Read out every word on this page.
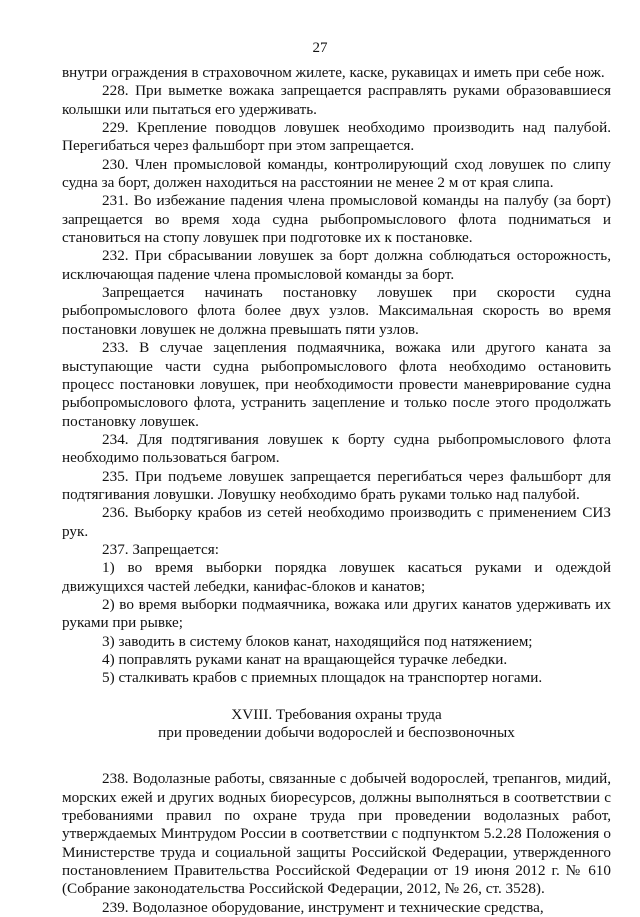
27

внутри ограждения в страховочном жилете, каске, рукавицах и иметь при себе нож.

228. При выметке вожака запрещается расправлять руками образовавшиеся колышки или пытаться его удерживать.

229. Крепление поводцов ловушек необходимо производить над палубой. Перегибаться через фальшборт при этом запрещается.

230. Член промысловой команды, контролирующий сход ловушек по слипу судна за борт, должен находиться на расстоянии не менее 2 м от края слипа.

231. Во избежание падения члена промысловой команды на палубу (за борт) запрещается во время хода судна рыбопромыслового флота подниматься и становиться на стопу ловушек при подготовке их к постановке.

232. При сбрасывании ловушек за борт должна соблюдаться осторожность, исключающая падение члена промысловой команды за борт.

Запрещается начинать постановку ловушек при скорости судна рыбопромыслового флота более двух узлов. Максимальная скорость во время постановки ловушек не должна превышать пяти узлов.

233. В случае зацепления подмаячника, вожака или другого каната за выступающие части судна рыбопромыслового флота необходимо остановить процесс постановки ловушек, при необходимости провести маневрирование судна рыбопромыслового флота, устранить зацепление и только после этого продолжать постановку ловушек.

234. Для подтягивания ловушек к борту судна рыбопромыслового флота необходимо пользоваться багром.

235. При подъеме ловушек запрещается перегибаться через фальшборт для подтягивания ловушки. Ловушку необходимо брать руками только над палубой.

236. Выборку крабов из сетей необходимо производить с применением СИЗ рук.

237. Запрещается:

1) во время выборки порядка ловушек касаться руками и одеждой движущихся частей лебедки, канифас-блоков и канатов;

2) во время выборки подмаячника, вожака или других канатов удерживать их руками при рывке;

3) заводить в систему блоков канат, находящийся под натяжением;

4) поправлять руками канат на вращающейся турачке лебедки.

5) сталкивать крабов с приемных площадок на транспортер ногами.

XVIII. Требования охраны труда
при проведении добычи водорослей и беспозвоночных

238. Водолазные работы, связанные с добычей водорослей, трепангов, мидий, морских ежей и других водных биоресурсов, должны выполняться в соответствии с требованиями правил по охране труда при проведении водолазных работ, утверждаемых Минтрудом России в соответствии с подпунктом 5.2.28 Положения о Министерстве труда и социальной защиты Российской Федерации, утвержденного постановлением Правительства Российской Федерации от 19 июня 2012 г. № 610 (Собрание законодательства Российской Федерации, 2012, № 26, ст. 3528).

239. Водолазное оборудование, инструмент и технические средства,
